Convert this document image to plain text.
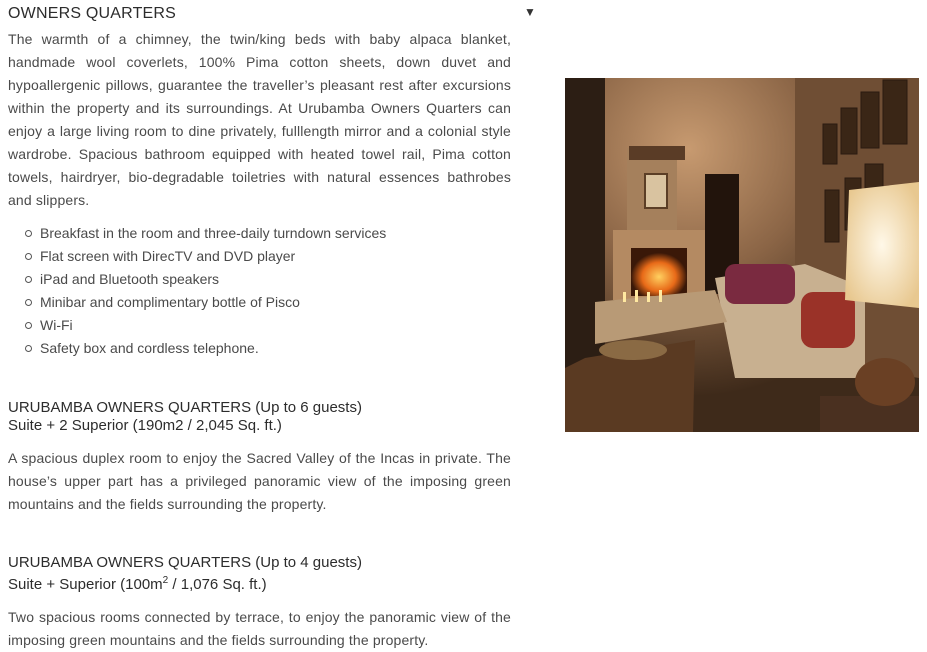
OWNERS QUARTERS

The warmth of a chimney, the twin/king beds with baby alpaca blanket, handmade wool coverlets, 100% Pima cotton sheets, down duvet and hypoallergenic pillows, guarantee the traveller’s pleasant rest after excursions within the property and its surroundings. At Urubamba Owners Quarters can enjoy a large living room to dine privately, fulllength mirror and a colonial style wardrobe. Spacious bathroom equipped with heated towel rail, Pima cotton towels, hairdryer, bio-degradable toiletries with natural essences bathrobes and slippers.

Breakfast in the room and three-daily turndown services
Flat screen with DirecTV and DVD player
iPad and Bluetooth speakers
Minibar and complimentary bottle of Pisco
Wi-Fi
Safety box and cordless telephone.
URUBAMBA OWNERS QUARTERS (Up to 6 guests)
Suite + 2 Superior (190m2 / 2,045 Sq. ft.)

A spacious duplex room to enjoy the Sacred Valley of the Incas in private. The house’s upper part has a privileged panoramic view of the imposing green mountains and the fields surrounding the property.

URUBAMBA OWNERS QUARTERS (Up to 4 guests)
Suite + Superior ($100m^2 / 1,076$ Sq. ft.)

Two spacious rooms connected by terrace, to enjoy the panoramic view of the imposing green mountains and the fields surrounding the property.

▼
